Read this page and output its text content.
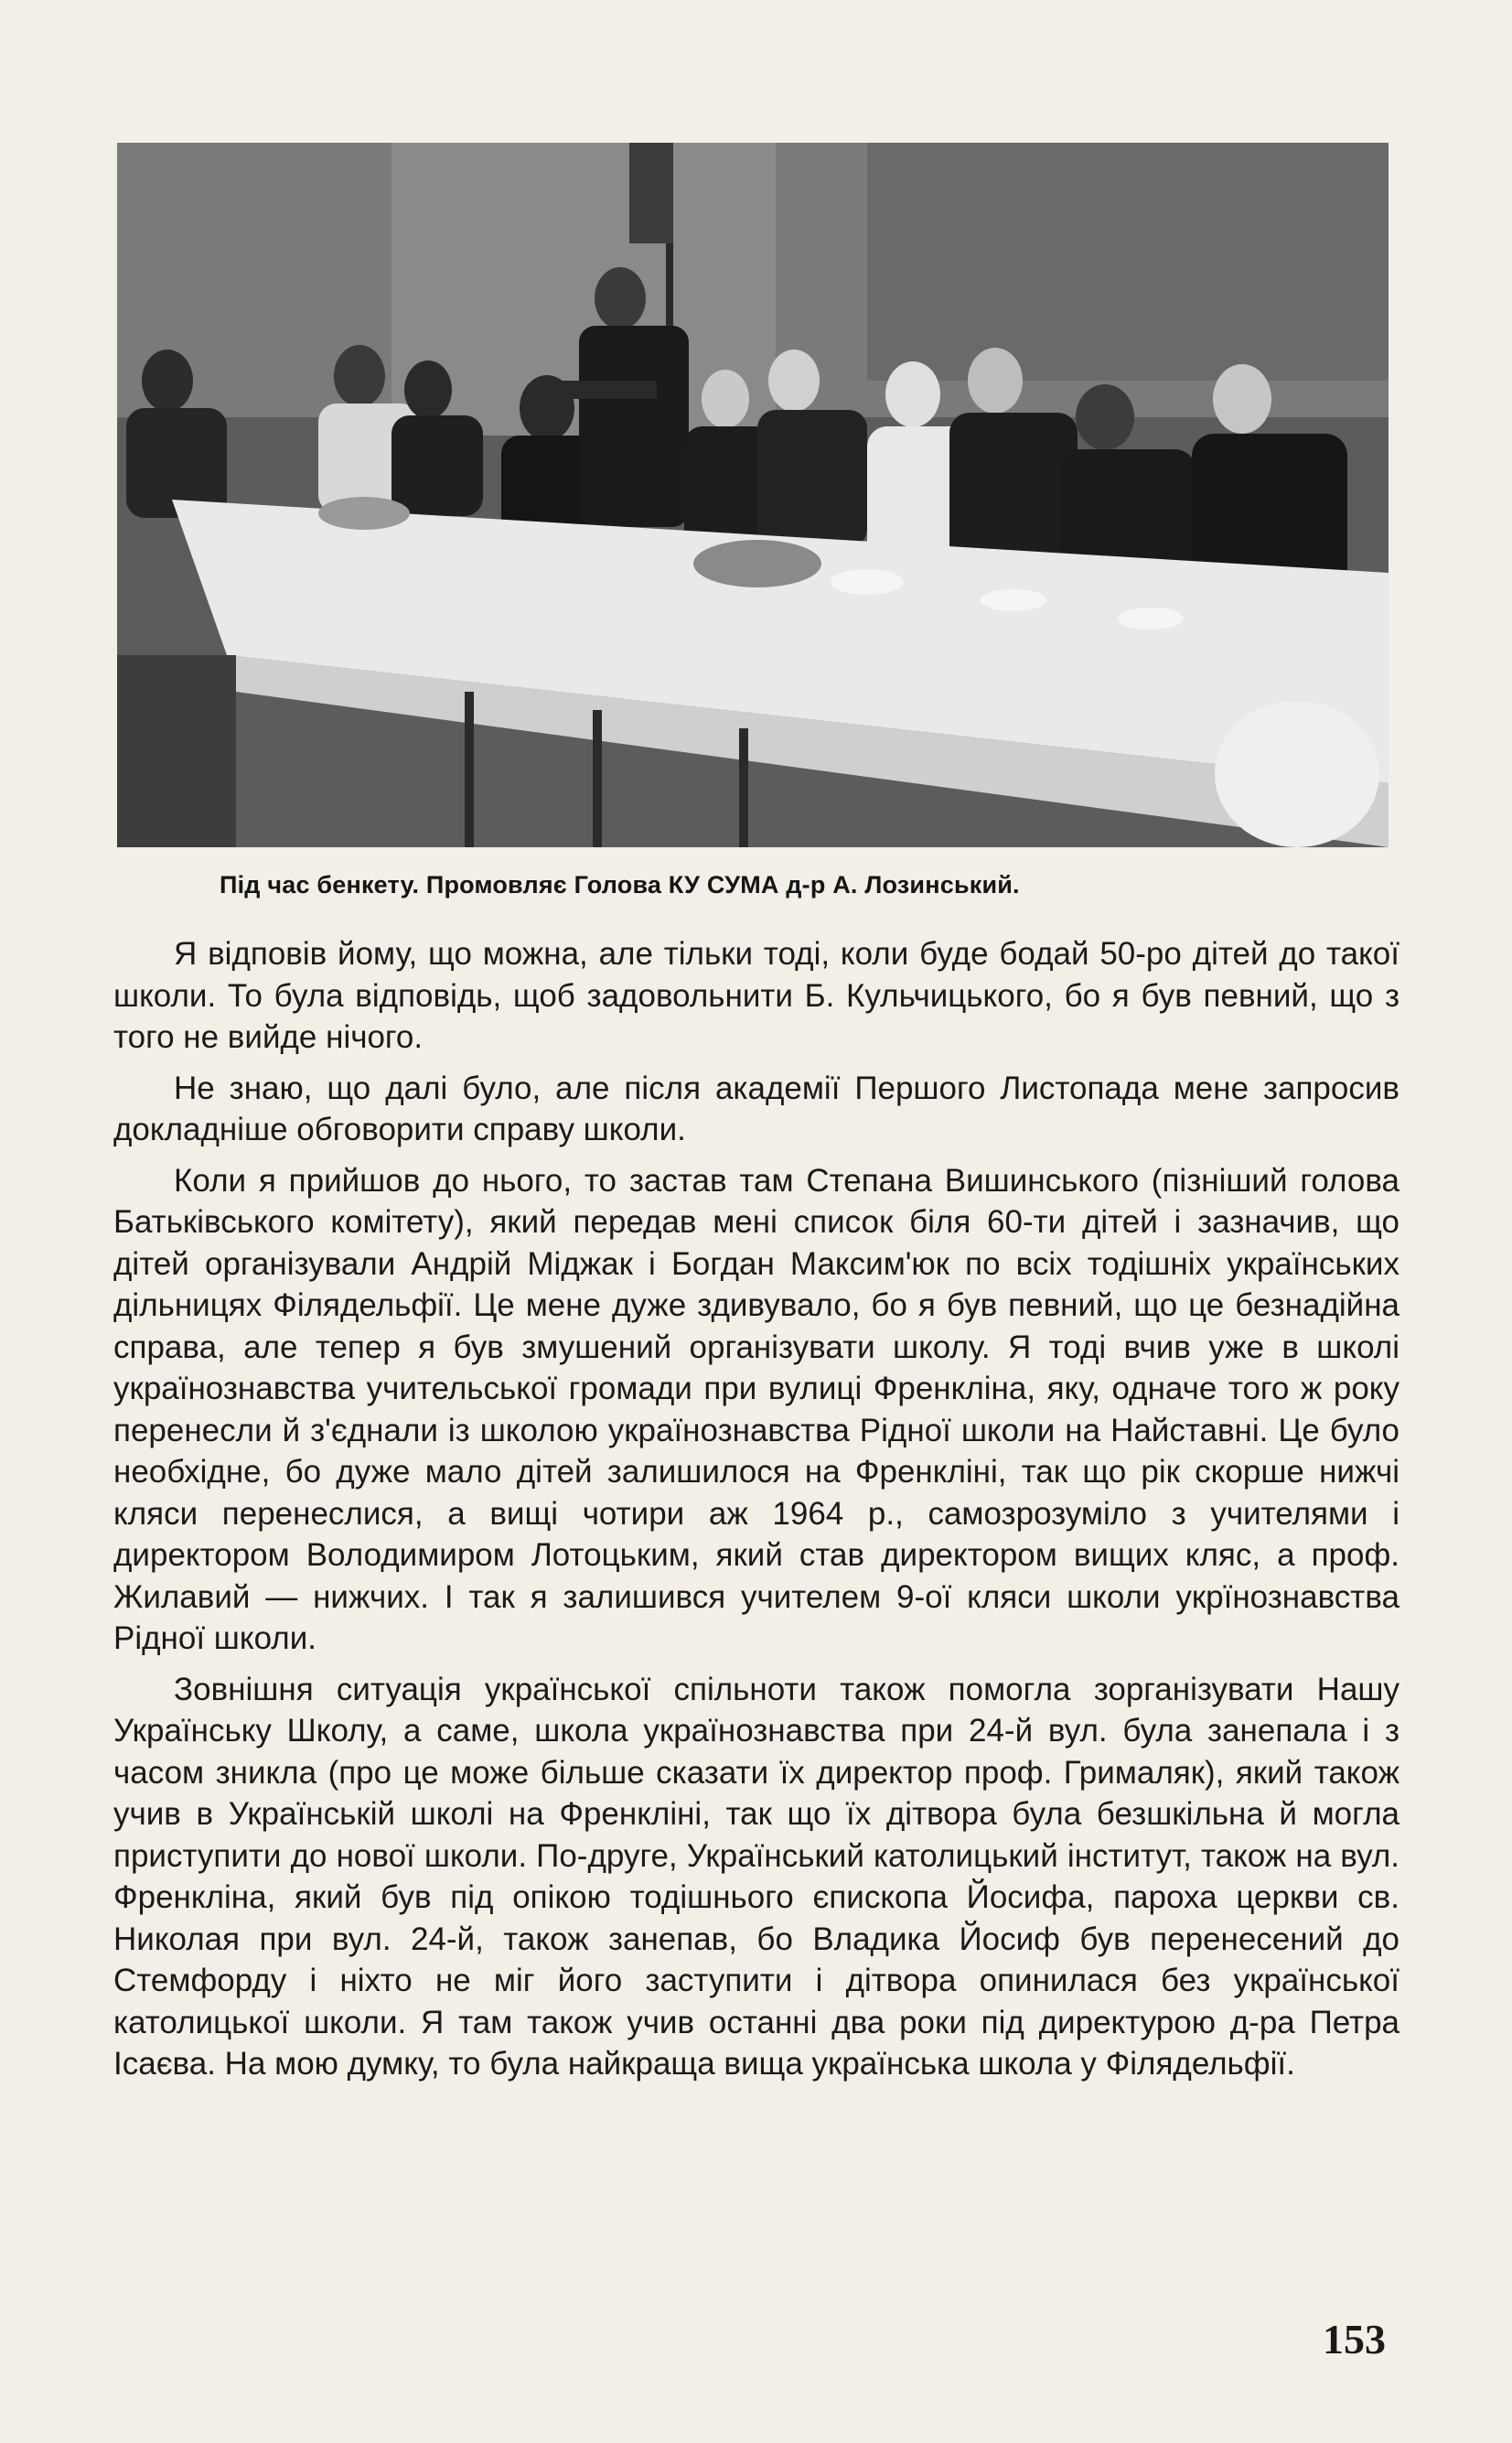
Під час бенкету. Промовляє Голова КУ СУМА д-р А. Лозинський.

Я відповів йому, що можна, але тільки тоді, коли буде бодай 50-ро дітей до такої школи. То була відповідь, щоб задовольнити Б. Кульчицького, бо я був певний, що з того не вийде нічого.

Не знаю, що далі було, але після академії Першого Листопада мене запросив докладніше обговорити справу школи.

Коли я прийшов до нього, то застав там Степана Вишинського (пізніший голова Батьківського комітету), який передав мені список біля 60-ти дітей і зазначив, що дітей організували Андрій Міджак і Богдан Максим'юк по всіх тодішніх українських дільницях Філядельфії. Це мене дуже здивувало, бо я був певний, що це безнадійна справа, але тепер я був змушений організувати школу. Я тоді вчив уже в школі українознавства учительської громади при вулиці Френкліна, яку, одначе того ж року перенесли й з'єднали із школою українознавства Рідної школи на Найставні. Це було необхідне, бо дуже мало дітей залишилося на Френкліні, так що рік скорше нижчі кляси перенеслися, а вищі чотири аж 1964 р., самозрозуміло з учителями і директором Володимиром Лотоцьким, який став директором вищих кляс, а проф. Жилавий — нижчих. І так я залишився учителем 9-ої кляси школи укрїнознавства Рідної школи.

Зовнішня ситуація української спільноти також помогла зорганізувати Нашу Українську Школу, а саме, школа українознавства при 24-й вул. була занепала і з часом зникла (про це може більше сказати їх директор проф. Грималяк), який також учив в Українській школі на Френкліні, так що їх дітвора була безшкільна й могла приступити до нової школи. По-друге, Український католицький інститут, також на вул. Френкліна, який був під опікою тодішнього єпископа Йосифа, пароха церкви св. Николая при вул. 24-й, також занепав, бо Владика Йосиф був перенесений до Стемфорду і ніхто не міг його заступити і дітвора опинилася без української католицької школи. Я там також учив останні два роки під директурою д-ра Петра Ісаєва. На мою думку, то була найкраща вища українська школа у Філядельфії.

153
